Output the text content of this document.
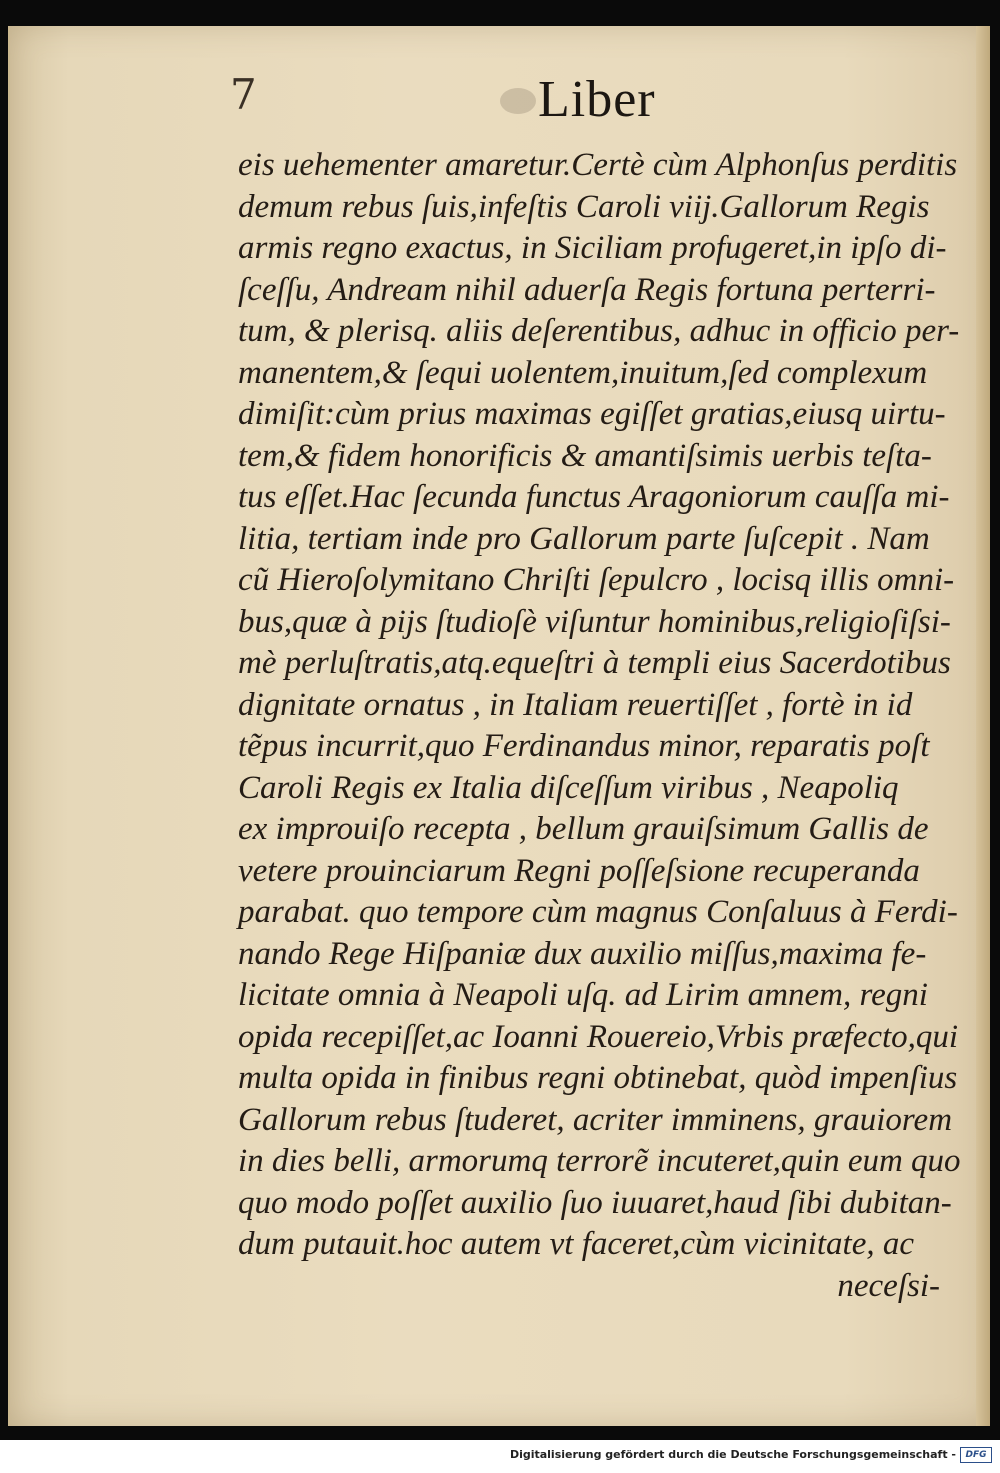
7	Liber
eis uehementer amaretur.Certè cùm Alphonſus perditis
demum rebus ſuis,infeſtis Caroli viij.Gallorum Regis
armis regno exactus, in Siciliam profugeret,in ipſo di-
ſceſſu, Andream nihil aduerſa Regis fortuna perterri-
tum, & plerisq. aliis deſerentibus, adhuc in officio per-
manentem,& ſequi uolentem,inuitum,ſed complexum
dimiſit:cùm prius maximas egiſſet gratias,eiusq uirtu-
tem,& fidem honorificis & amantiſsimis uerbis teſta-
tus eſſet.Hac ſecunda functus Aragoniorum cauſſa mi-
litia, tertiam inde pro Gallorum parte ſuſcepit . Nam
cũ Hieroſolymitano Chriſti ſepulcro , locisq illis omni-
bus,quæ à pijs ſtudioſè viſuntur hominibus,religioſiſsi-
mè perluſtratis,atq.equeſtri à templi eius Sacerdotibus
dignitate ornatus , in Italiam reuertiſſet , fortè in id
tẽpus incurrit,quo Ferdinandus minor, reparatis poſt
Caroli Regis ex Italia diſceſſum viribus , Neapoliq
ex improuiſo recepta , bellum grauiſsimum Gallis de
vetere prouinciarum Regni poſſeſsione recuperanda
parabat. quo tempore cùm magnus Conſaluus à Ferdi-
nando Rege Hiſpaniæ dux auxilio miſſus,maxima fe-
licitate omnia à Neapoli uſq. ad Lirim amnem, regni
opida recepiſſet,ac Ioanni Rouereio,Vrbis præfecto,qui
multa opida in finibus regni obtinebat, quòd impenſius
Gallorum rebus ſtuderet, acriter imminens, grauiorem
in dies belli, armorumq terrorẽ incuteret,quin eum quo
quo modo poſſet auxilio ſuo iuuaret,haud ſibi dubitan-
dum putauit.hoc autem vt faceret,cùm vicinitate, ac
neceſsi-
Digitalisierung gefördert durch die Deutsche Forschungsgemeinschaft -	DFG
